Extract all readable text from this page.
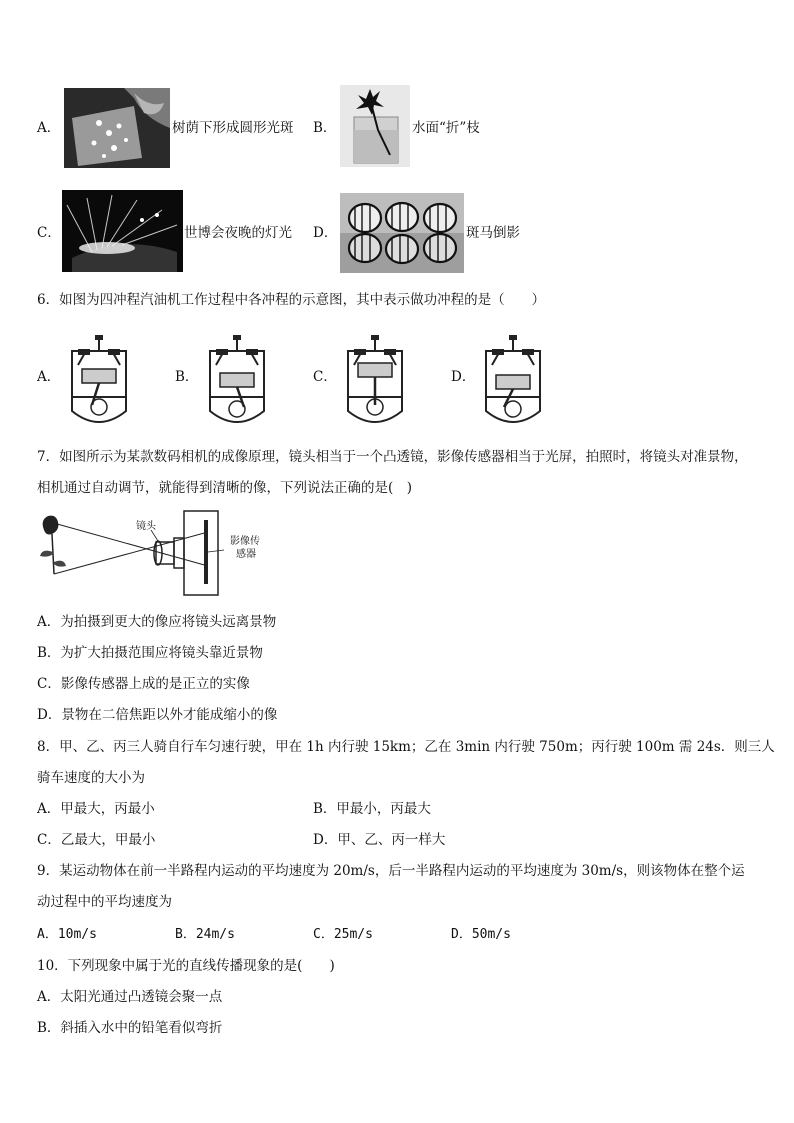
A．	树荫下形成圆形光斑 B．	水面“折”枝
C．	世博会夜晚的灯光 D．	斑马倒影
6．如图为四冲程汽油机工作过程中各冲程的示意图，其中表示做功冲程的是（　　）
A．	B．	C．	D．
7．如图所示为某款数码相机的成像原理，镜头相当于一个凸透镜，影像传感器相当于光屏，拍照时，将镜头对准景物，
相机通过自动调节，就能得到清晰的像，下列说法正确的是(　)
镜头
影像传
感器
A．为拍摄到更大的像应将镜头远离景物
B．为扩大拍摄范围应将镜头靠近景物
C．影像传感器上成的是正立的实像
D．景物在二倍焦距以外才能成缩小的像
8．甲、乙、丙三人骑自行车匀速行驶，甲在 1h 内行驶 15km；乙在 3min 内行驶 750m；丙行驶 100m 需 24s．则三人
骑车速度的大小为
A．甲最大，丙最小	B．甲最小，丙最大
C．乙最大，甲最小	D．甲、乙、丙一样大
9．某运动物体在前一半路程内运动的平均速度为 20m/s，后一半路程内运动的平均速度为 30m/s，则该物体在整个运
动过程中的平均速度为
A．10m/s	B．24m/s	C．25m/s	D．50m/s
10．下列现象中属于光的直线传播现象的是(　　)
A．太阳光通过凸透镜会聚一点
B．斜插入水中的铅笔看似弯折
